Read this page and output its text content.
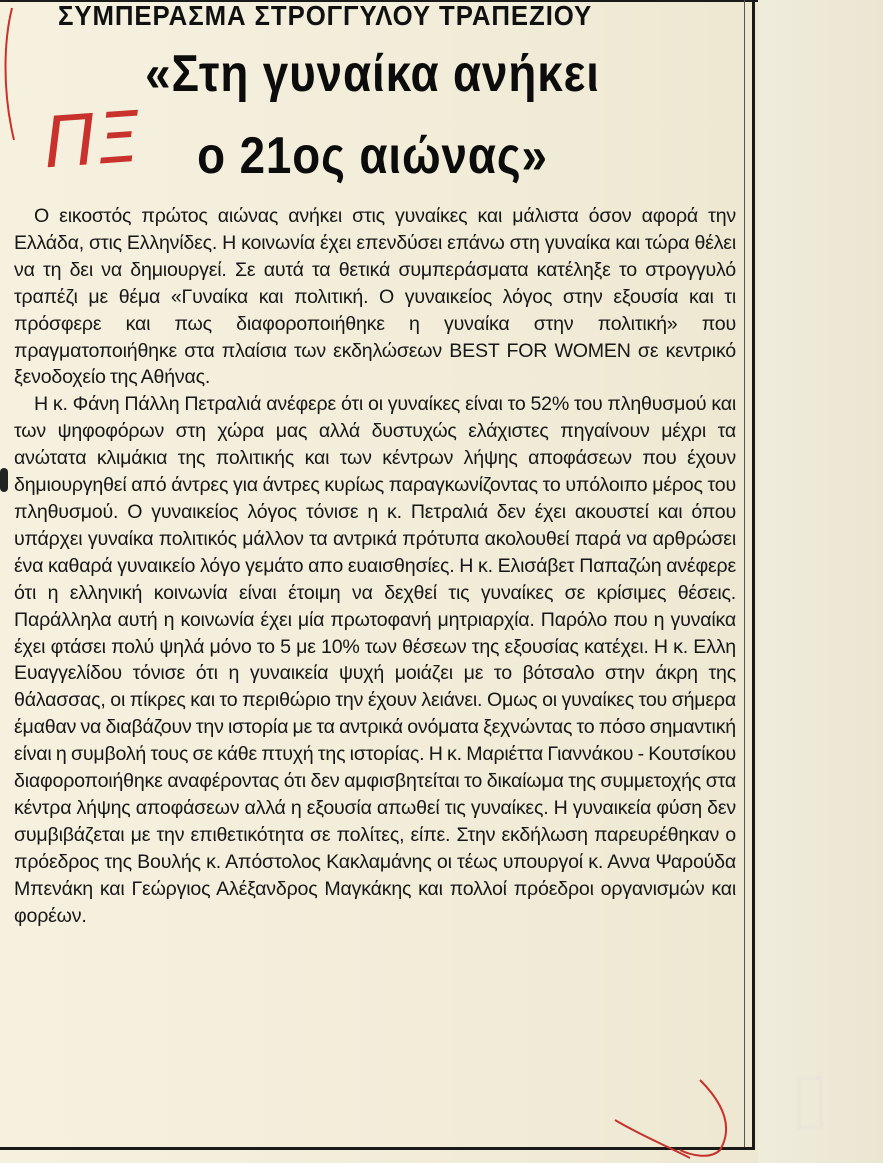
ΣΥΜΠΕΡΑΣΜΑ ΣΤΡΟΓΓΥΛΟΥ ΤΡΑΠΕΖΙΟΥ
«Στη γυναίκα ανήκει
ο 21ος αιώνας»
ΠΞ

Ο εικοστός πρώτος αιώνας ανήκει στις γυναίκες και μάλιστα όσον αφορά την Ελλάδα, στις Ελληνίδες. Η κοινωνία έχει επενδύσει επάνω στη γυναίκα και τώρα θέλει να τη δει να δημιουργεί. Σε αυτά τα θετικά συμπεράσματα κατέληξε το στρογγυλό τραπέζι με θέμα «Γυναίκα και πολιτική. Ο γυναικείος λόγος στην εξουσία και τι πρόσφερε και πως διαφοροποιήθηκε η γυναίκα στην πολιτική» που πραγματοποιήθηκε στα πλαίσια των εκδηλώσεων BEST FOR WOMEN σε κεντρικό ξενοδοχείο της Αθήνας.

Η κ. Φάνη Πάλλη Πετραλιά ανέφερε ότι οι γυναίκες είναι το 52% του πληθυσμού και των ψηφοφόρων στη χώρα μας αλλά δυστυχώς ελάχιστες πηγαίνουν μέχρι τα ανώτατα κλιμάκια της πολιτικής και των κέντρων λήψης αποφάσεων που έχουν δημιουργηθεί από άντρες για άντρες κυρίως παραγκωνίζοντας το υπόλοιπο μέρος του πληθυσμού. Ο γυναικείος λόγος τόνισε η κ. Πετραλιά δεν έχει ακουστεί και όπου υπάρχει γυναίκα πολιτικός μάλλον τα αντρικά πρότυπα ακολουθεί παρά να αρθρώσει ένα καθαρά γυναικείο λόγο γεμάτο απο ευαισθησίες. Η κ. Ελισάβετ Παπαζώη ανέφερε ότι η ελληνική κοινωνία είναι έτοιμη να δεχθεί τις γυναίκες σε κρίσιμες θέσεις. Παράλληλα αυτή η κοινωνία έχει μία πρωτοφανή μητριαρχία. Παρόλο που η γυναίκα έχει φτάσει πολύ ψηλά μόνο το 5 με 10% των θέσεων της εξουσίας κατέχει. Η κ. Ελλη Ευαγγελίδου τόνισε ότι η γυναικεία ψυχή μοιάζει με το βότσαλο στην άκρη της θάλασσας, οι πίκρες και το περιθώριο την έχουν λειάνει. Ομως οι γυναίκες του σήμερα έμαθαν να διαβάζουν την ιστορία με τα αντρικά ονόματα ξεχνώντας το πόσο σημαντική είναι η συμβολή τους σε κάθε πτυχή της ιστορίας. Η κ. Μαριέττα Γιαννάκου - Κουτσίκου διαφοροποιήθηκε αναφέροντας ότι δεν αμφισβητείται το δικαίωμα της συμμετοχής στα κέντρα λήψης αποφάσεων αλλά η εξουσία απωθεί τις γυναίκες. Η γυναικεία φύση δεν συμβιβάζεται με την επιθετικότητα σε πολίτες, είπε. Στην εκδήλωση παρευρέθηκαν ο πρόεδρος της Βουλής κ. Απόστολος Κακλαμάνης οι τέως υπουργοί κ. Αννα Ψαρούδα Μπενάκη και Γεώργιος Αλέξανδρος Μαγκάκης και πολλοί πρόεδροι οργανισμών και φορέων.

▯
